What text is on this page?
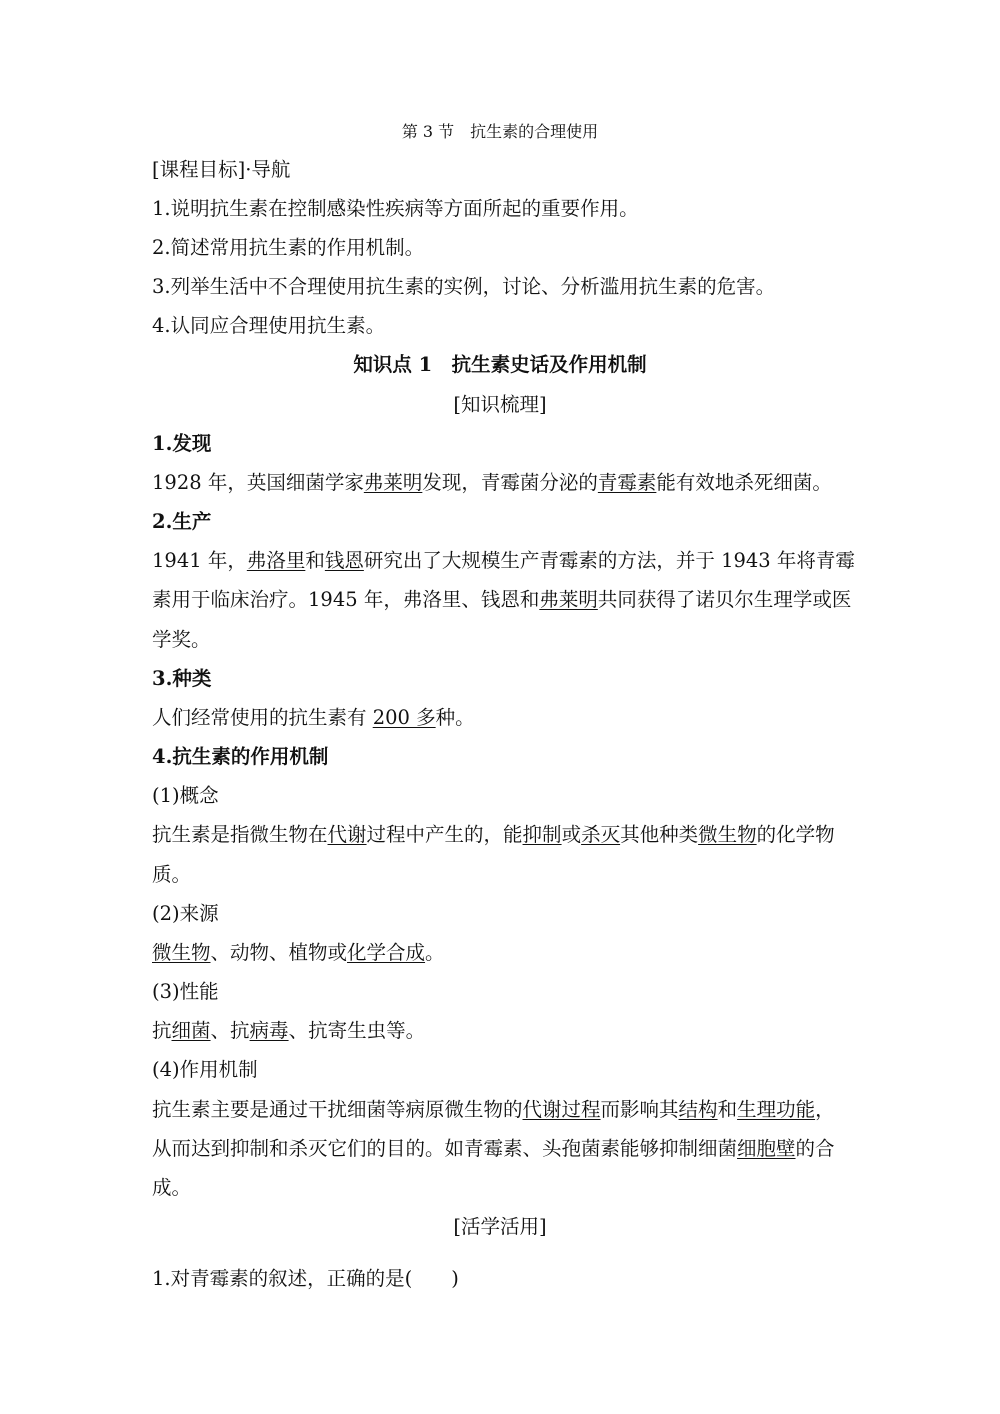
第 3 节　抗生素的合理使用
[课程目标]·导航
1.说明抗生素在控制感染性疾病等方面所起的重要作用。
2.简述常用抗生素的作用机制。
3.列举生活中不合理使用抗生素的实例，讨论、分析滥用抗生素的危害。
4.认同应合理使用抗生素。
知识点 1　抗生素史话及作用机制
[知识梳理]
1.发现
1928 年，英国细菌学家弗莱明发现，青霉菌分泌的青霉素能有效地杀死细菌。
2.生产
1941 年，弗洛里和钱恩研究出了大规模生产青霉素的方法，并于 1943 年将青霉
素用于临床治疗。1945 年，弗洛里、钱恩和弗莱明共同获得了诺贝尔生理学或医
学奖。
3.种类
人们经常使用的抗生素有 200 多种。
4.抗生素的作用机制
(1)概念
抗生素是指微生物在代谢过程中产生的，能抑制或杀灭其他种类微生物的化学物
质。
(2)来源
微生物、动物、植物或化学合成。
(3)性能
抗细菌、抗病毒、抗寄生虫等。
(4)作用机制
抗生素主要是通过干扰细菌等病原微生物的代谢过程而影响其结构和生理功能，
从而达到抑制和杀灭它们的目的。如青霉素、头孢菌素能够抑制细菌细胞壁的合
成。
[活学活用]
1.对青霉素的叙述，正确的是(　　)
